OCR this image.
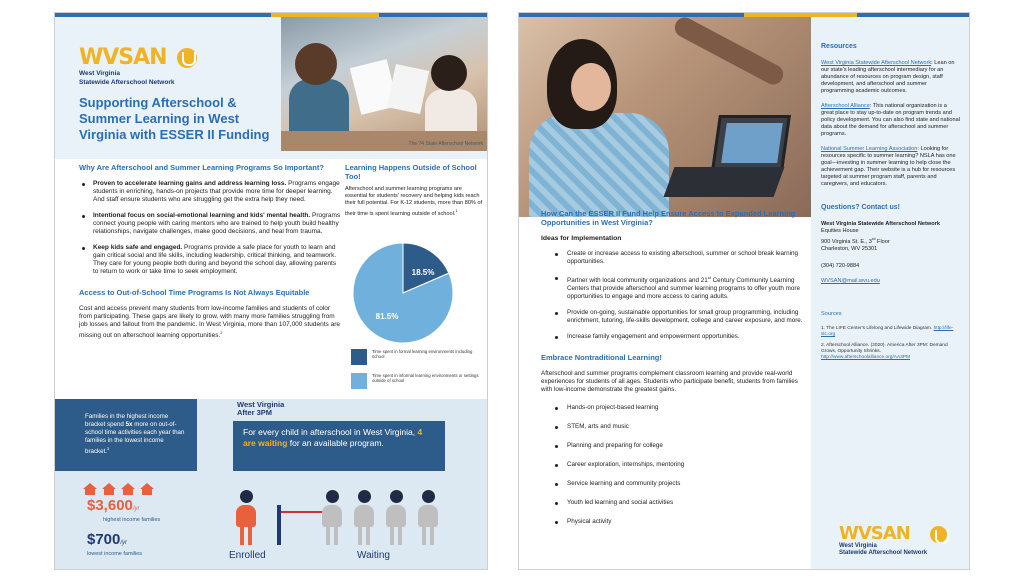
WVSAN
West Virginia
Statewide Afterschool Network
Supporting Afterschool & Summer Learning in West Virginia with ESSER II Funding
The 74 State Afterschool Network
Why Are Afterschool and Summer Learning Programs So Important?
Proven to accelerate learning gains and address learning loss. Programs engage students in enriching, hands-on projects that provide more time for deeper learning. And staff ensure students who are struggling get the extra help they need.
Intentional focus on social-emotional learning and kids' mental health. Programs connect young people with caring mentors who are trained to help youth build healthy relationships, navigate challenges, make good decisions, and heal from trauma.
Keep kids safe and engaged. Programs provide a safe place for youth to learn and gain critical social and life skills, including leadership, critical thinking, and teamwork. They care for young people both during and beyond the school day, allowing parents to return to work or take time to seek employment.
Access to Out-of-School Time Programs Is Not Always Equitable
Cost and access prevent many students from low-income families and students of color from participating. These gaps are likely to grow, with many more families struggling from job losses and fallout from the pandemic. In West Virginia, more than 107,000 students are missing out on afterschool learning opportunities.$^2$
Learning Happens Outside of School Too!
Afterschool and summer learning programs are essential for students' recovery and helping kids reach their full potential. For K-12 students, more than 80% of their time is spent learning outside of school.$^1$
18.5%
81.5%
Time spent in formal learning environments including school
Time spent in informal learning environments or settings outside of school
Families in the highest income bracket spend 5x more on out-of-school time activities each year than families in the lowest income bracket.$^3$
$3,600 /yr
highest income families
$700 /yr
lowest income families
West Virginia
After 3PM
For every child in afterschool in West Virginia, 4 are waiting for an available program.
Enrolled	Waiting
How Can the ESSER II Fund Help Ensure Access to Expanded Learning Opportunities in West Virginia?
Ideas for Implementation
Create or increase access to existing afterschool, summer or school break learning opportunities.
Partner with local community organizations and 21st Century Community Learning Centers that provide afterschool and summer learning programs to offer youth more opportunities to engage and more access to caring adults.
Provide on-going, sustainable opportunities for small group programming, including enrichment, tutoring, life-skills development, college and career exposure, and more.
Increase family engagement and empowerment opportunities.
Embrace Nontraditional Learning!
Afterschool and summer programs complement classroom learning and provide real-world experiences for students of all ages. Students who participate benefit, students from families with low-income demonstrate the greatest gains.
Hands-on project-based learning
STEM, arts and music
Planning and preparing for college
Career exploration, internships, mentoring
Service learning and community projects
Youth led learning and social activities
Physical activity
Resources
West Virginia Statewide Afterschool Network: Lean on our state's leading afterschool intermediary for an abundance of resources on program design, staff development, and afterschool and summer programming academic outcomes.
Afterschool Alliance: This national organization is a great place to stay up-to-date on program trends and policy development. You can also find state and national data about the demand for afterschool and summer programs.
National Summer Learning Association: Looking for resources specific to summer learning? NSLA has one goal—investing in summer learning to help close the achievement gap. Their website is a hub for resources targeted at summer program staff, parents and caregivers, and educators.
Questions? Contact us!
West Virginia Statewide Afterschool Network
Equities House
900 Virginia St. E., 3rd Floor
Charleston, WV 25301
(304) 720-9884
WVSAN@mail.wvu.edu
Sources
1. The LIFE Center's Lifelong and Lifewide Diagram. http://life-slc.org
2. Afterschool Alliance. (2020). America After 3PM: Demand Grows, Opportunity Shrinks. http://www.afterschoolalliance.org/AA3PM
WVSAN
West Virginia
Statewide Afterschool Network
